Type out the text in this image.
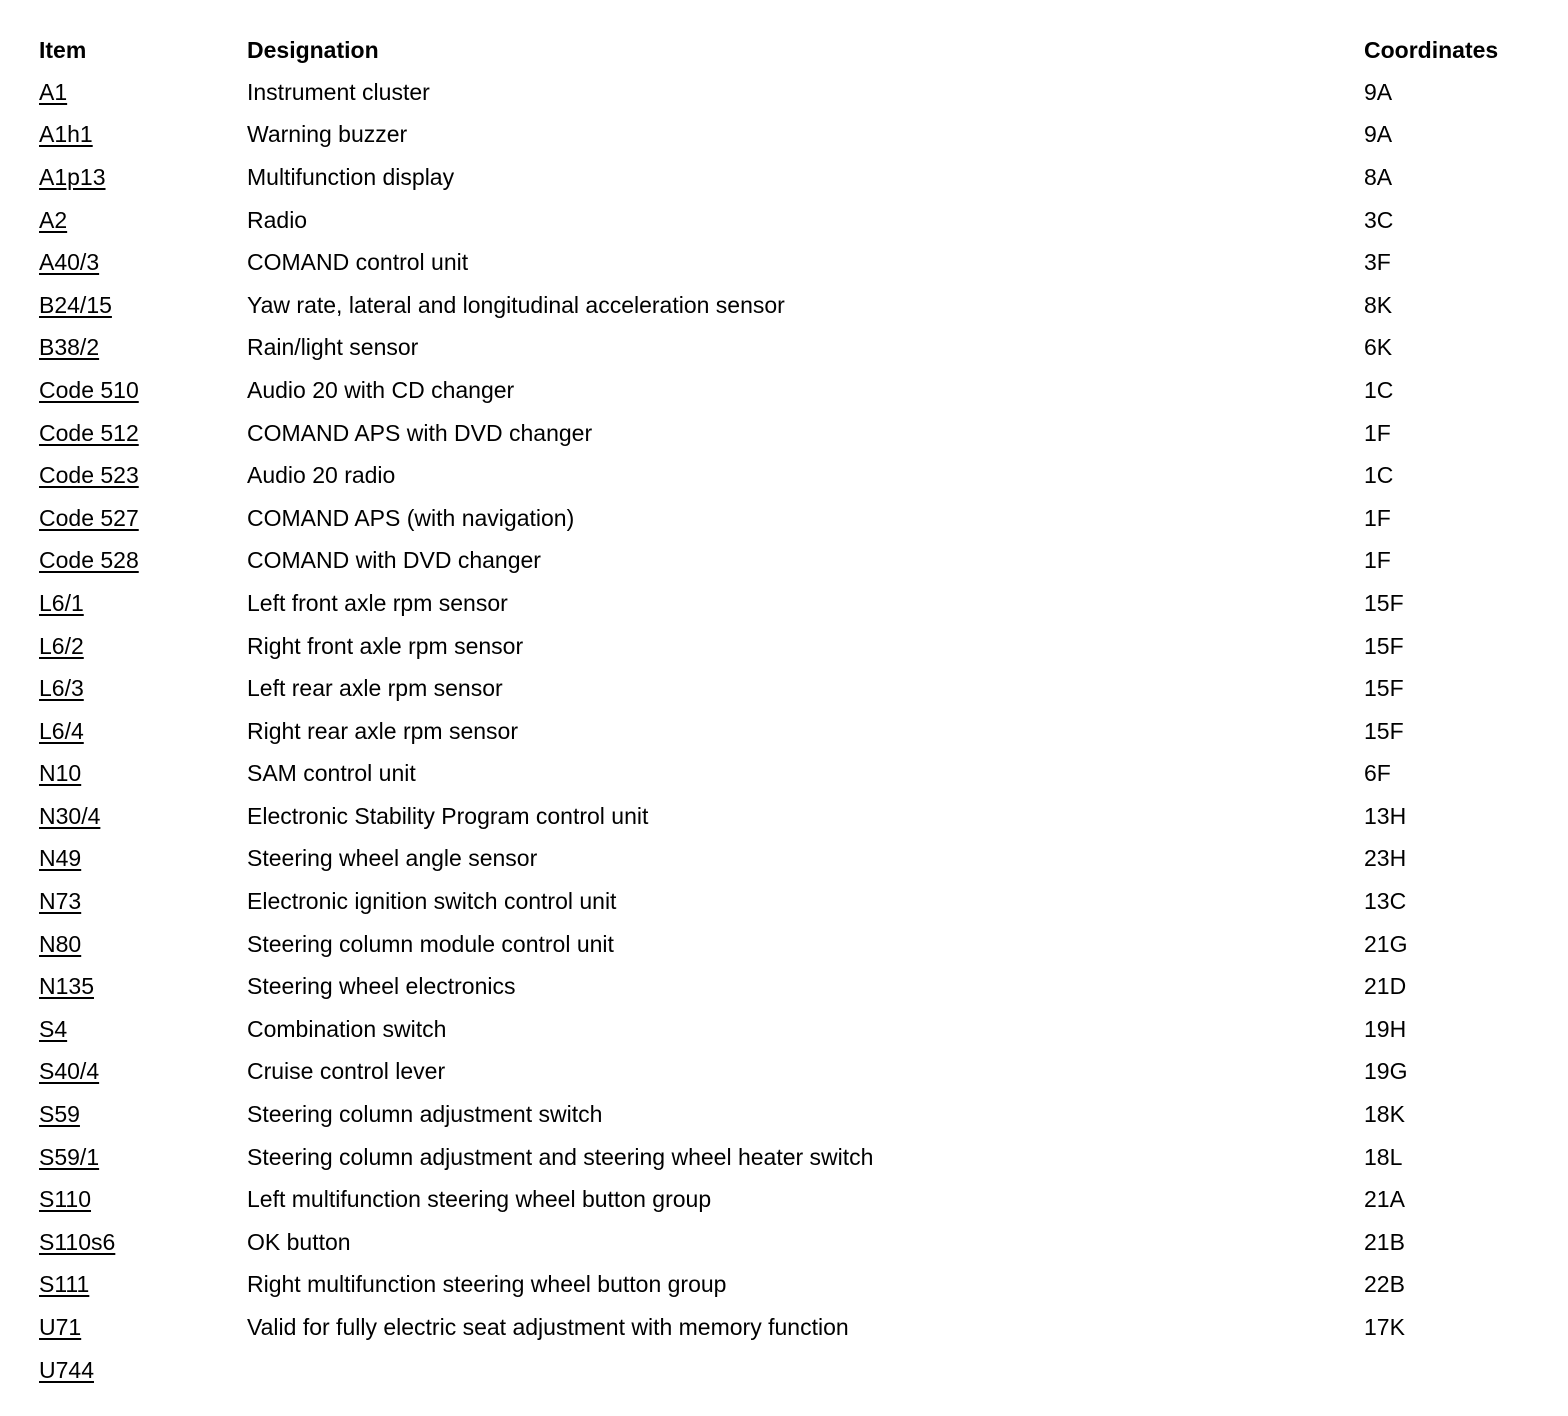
Item	Designation	Coordinates
A1	Instrument cluster	9A
A1h1	Warning buzzer	9A
A1p13	Multifunction display	8A
A2	Radio	3C
A40/3	COMAND control unit	3F
B24/15	Yaw rate, lateral and longitudinal acceleration sensor	8K
B38/2	Rain/light sensor	6K
Code 510	Audio 20 with CD changer	1C
Code 512	COMAND APS with DVD changer	1F
Code 523	Audio 20 radio	1C
Code 527	COMAND APS (with navigation)	1F
Code 528	COMAND with DVD changer	1F
L6/1	Left front axle rpm sensor	15F
L6/2	Right front axle rpm sensor	15F
L6/3	Left rear axle rpm sensor	15F
L6/4	Right rear axle rpm sensor	15F
N10	SAM control unit	6F
N30/4	Electronic Stability Program control unit	13H
N49	Steering wheel angle sensor	23H
N73	Electronic ignition switch control unit	13C
N80	Steering column module control unit	21G
N135	Steering wheel electronics	21D
S4	Combination switch	19H
S40/4	Cruise control lever	19G
S59	Steering column adjustment switch	18K
S59/1	Steering column adjustment and steering wheel heater switch	18L
S110	Left multifunction steering wheel button group	21A
S110s6	OK button	21B
S111	Right multifunction steering wheel button group	22B
U71	Valid for fully electric seat adjustment with memory function	17K
U744
